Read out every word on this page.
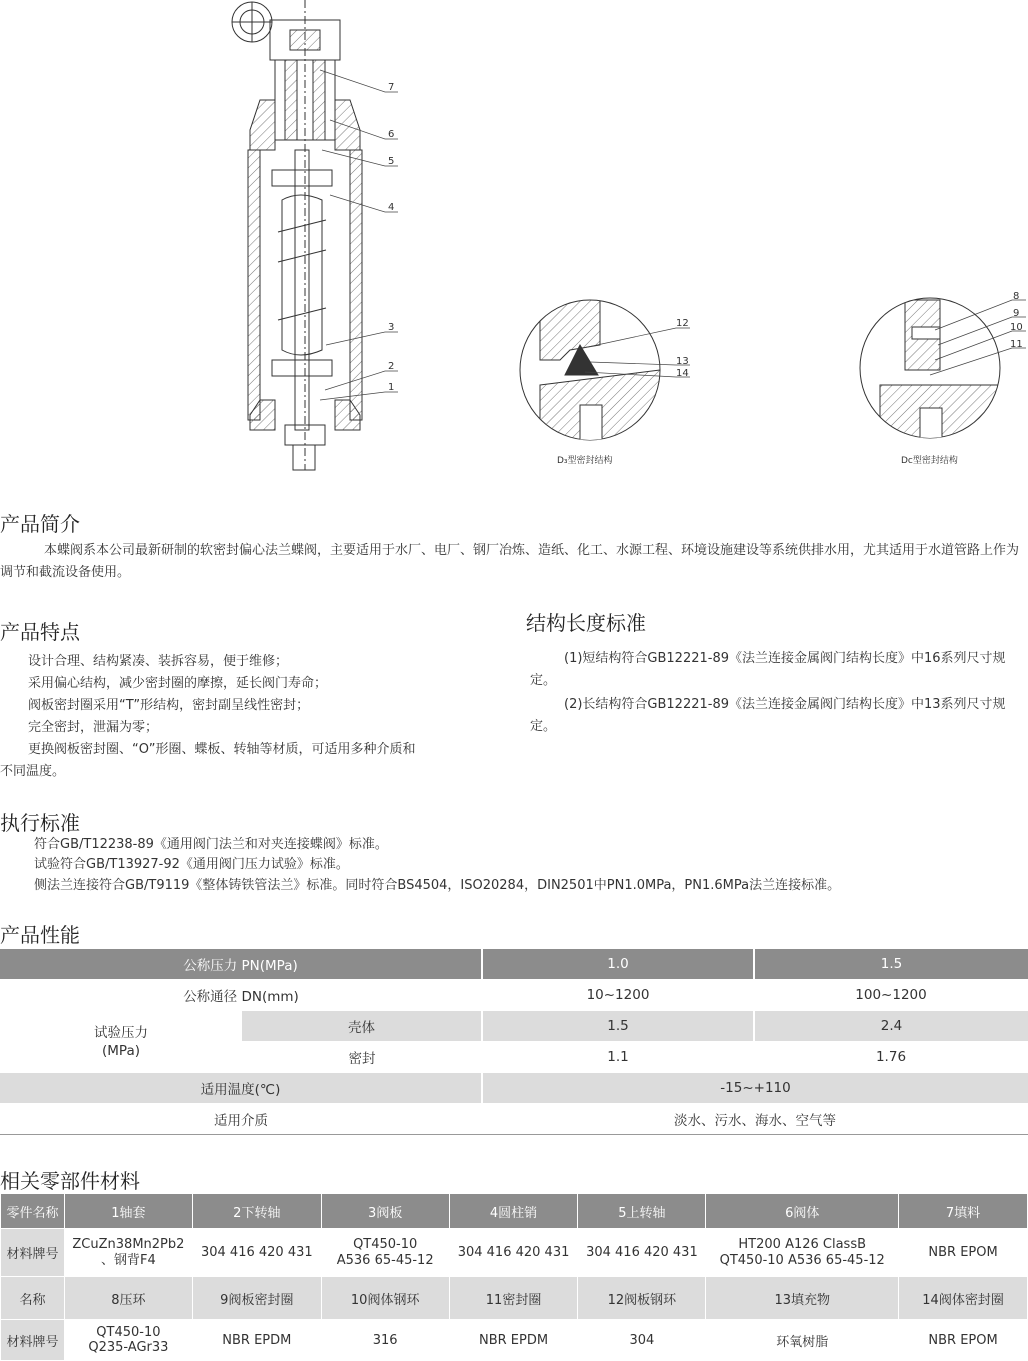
7
6
5
4
3
2
1
12
13
14
D₃型密封结构
8
9
10
11
Dc型密封结构
产品简介
本蝶阀系本公司最新研制的软密封偏心法兰蝶阀，主要适用于水厂、电厂、钢厂冶炼、造纸、化工、水源工程、环境设施建设等系统供排水用，尤其适用于水道管路上作为调节和截流设备使用。
产品特点
设计合理、结构紧凑、装拆容易，便于维修；
采用偏心结构，减少密封圈的摩擦，延长阀门寿命；
阀板密封圈采用“T”形结构，密封副呈线性密封；
完全密封，泄漏为零；
更换阀板密封圈、“O”形圈、蝶板、转轴等材质，可适用多种介质和
不同温度。
结构长度标准
(1)短结构符合GB12221-89《法兰连接金属阀门结构长度》中16系列尺寸规定。
(2)长结构符合GB12221-89《法兰连接金属阀门结构长度》中13系列尺寸规定。
执行标准
符合GB/T12238-89《通用阀门法兰和对夹连接蝶阀》标准。
试验符合GB/T13927-92《通用阀门压力试验》标准。
侧法兰连接符合GB/T9119《整体铸铁管法兰》标准。同时符合BS4504，ISO20284，DIN2501中PN1.0MPa，PN1.6MPa法兰连接标准。
产品性能
公称压力 PN(MPa)		1.0	1.5
公称通径 DN(mm)		10~1200	100~1200
试验压力
(MPa)	壳体	1.5	2.4
	密封	1.1	1.76
适用温度(℃)		-15~+110	
适用介质		淡水、污水、海水、空气等	
相关零部件材料
零件名称	1轴套	2下转轴	3阀板	4圆柱销	5上转轴	6阀体	7填料
材料牌号	ZCuZn38Mn2Pb2
、钢背F4	304 416 420 431	QT450-10
A536 65-45-12	304 416 420 431	304 416 420 431	HT200 A126 ClassB
QT450-10 A536 65-45-12	NBR EPOM
名称	8压环	9阀板密封圈	10阀体钢环	11密封圈	12阀板钢环	13填充物	14阀体密封圈
材料牌号	QT450-10
Q235-AGr33	NBR EPDM	316	NBR EPDM	304	环氧树脂	NBR EPOM
